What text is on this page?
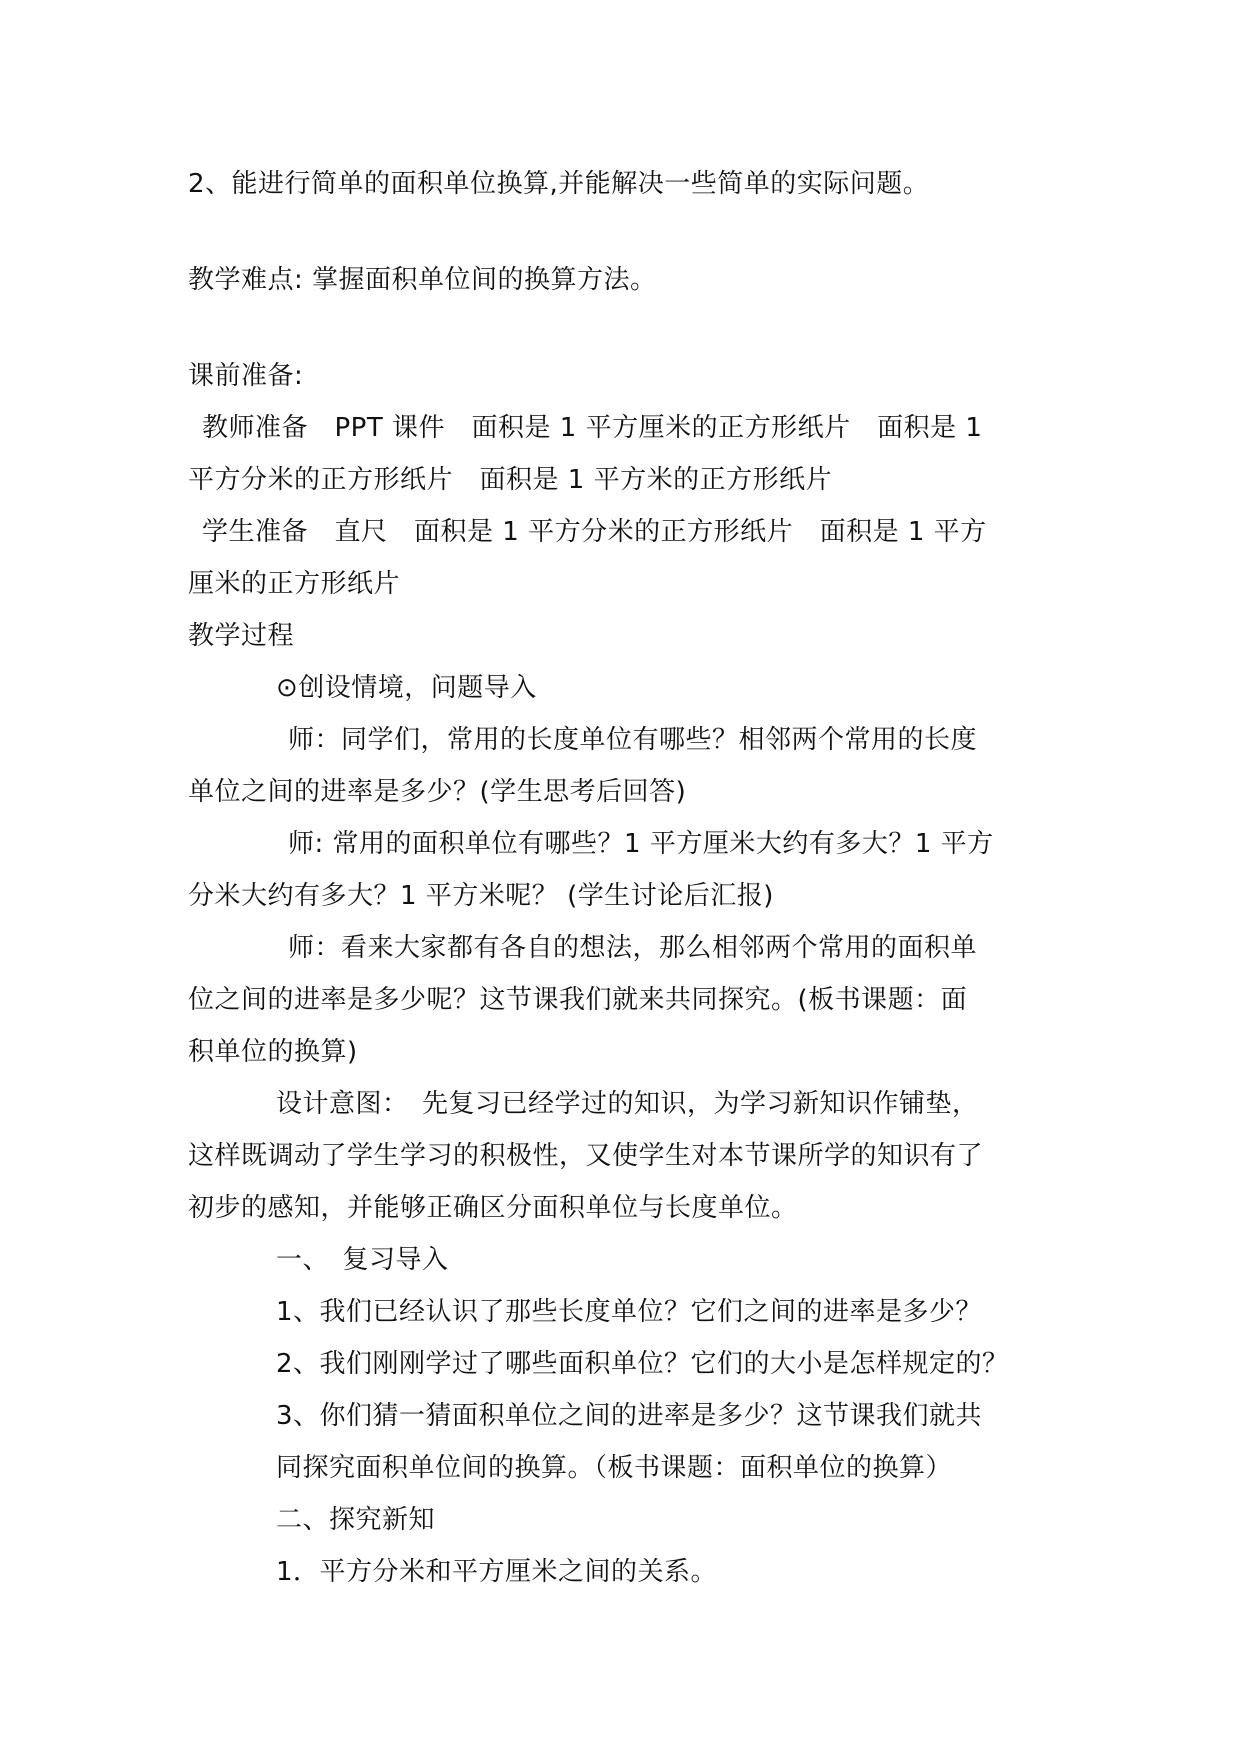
2、能进行简单的面积单位换算,并能解决一些简单的实际问题。
教学难点: 掌握面积单位间的换算方法。
课前准备:
教师准备　PPT 课件　面积是 1 平方厘米的正方形纸片　面积是 1
平方分米的正方形纸片　面积是 1 平方米的正方形纸片
学生准备　直尺　面积是 1 平方分米的正方形纸片　面积是 1 平方
厘米的正方形纸片
教学过程
⊙创设情境，问题导入
师：同学们，常用的长度单位有哪些？相邻两个常用的长度
单位之间的进率是多少？(学生思考后回答)
师: 常用的面积单位有哪些？1 平方厘米大约有多大？1 平方
分米大约有多大？1 平方米呢？ (学生讨论后汇报)
师：看来大家都有各自的想法，那么相邻两个常用的面积单
位之间的进率是多少呢？这节课我们就来共同探究。(板书课题：面
积单位的换算)
设计意图：　先复习已经学过的知识，为学习新知识作铺垫，
这样既调动了学生学习的积极性，又使学生对本节课所学的知识有了
初步的感知，并能够正确区分面积单位与长度单位。
一、　复习导入
1、我们已经认识了那些长度单位？它们之间的进率是多少？
2、我们刚刚学过了哪些面积单位？它们的大小是怎样规定的？
3、你们猜一猜面积单位之间的进率是多少？这节课我们就共
同探究面积单位间的换算。（板书课题：面积单位的换算）
二、探究新知
1．平方分米和平方厘米之间的关系。
